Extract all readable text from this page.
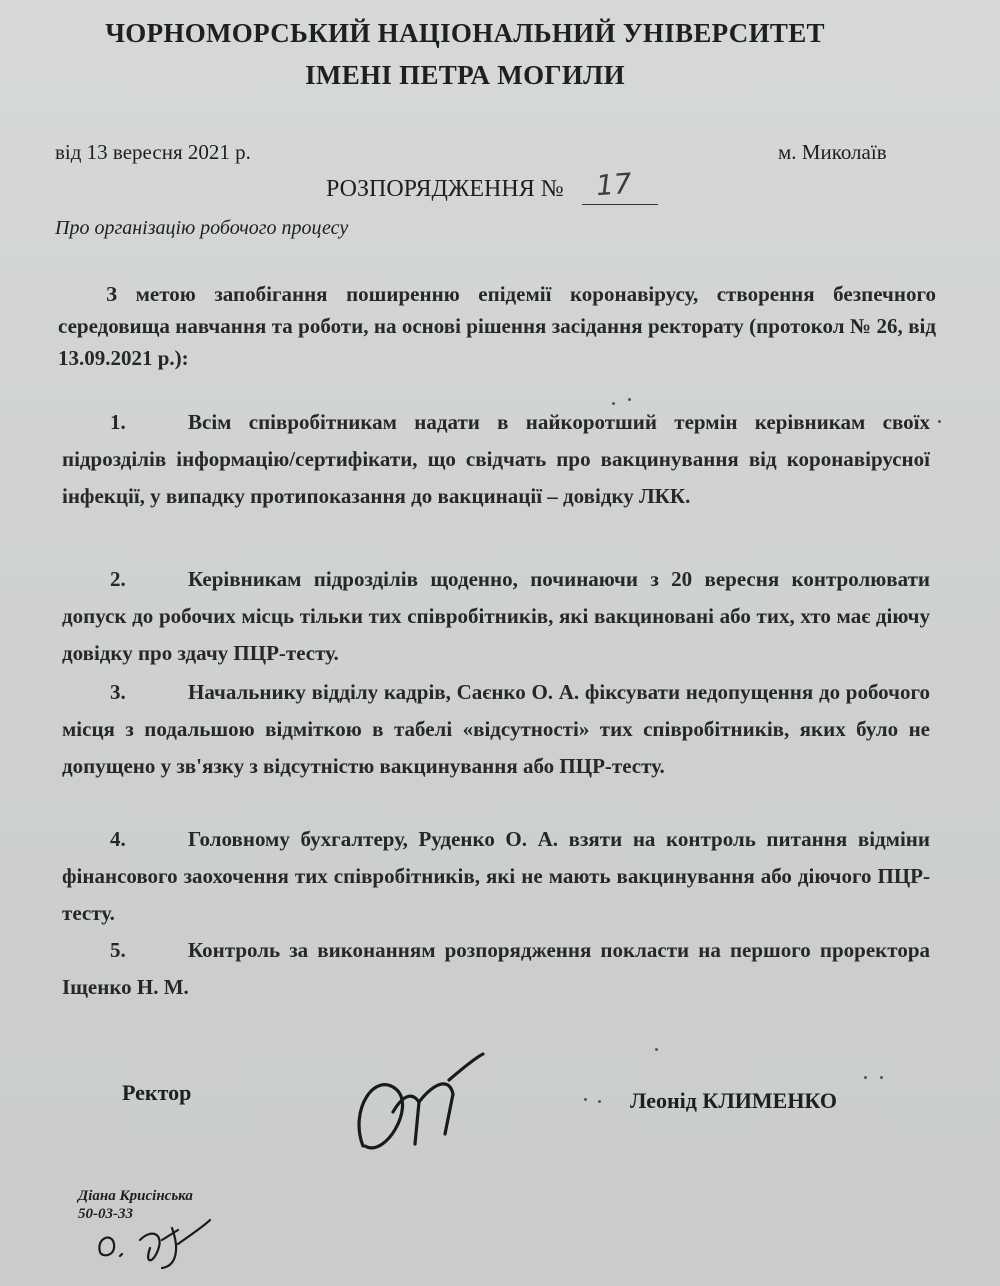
ЧОРНОМОРСЬКИЙ НАЦІОНАЛЬНИЙ УНІВЕРСИТЕТ
ІМЕНІ ПЕТРА МОГИЛИ
від 13 вересня 2021 р.	м. Миколаїв
РОЗПОРЯДЖЕННЯ № 17
Про організацію робочого процесу
З метою запобігання поширенню епідемії коронавірусу, створення безпечного середовища навчання та роботи, на основі рішення засідання ректорату (протокол № 26, від 13.09.2021 р.):
1.	Всім співробітникам надати в найкоротший термін керівникам своїх підрозділів інформацію/сертифікати, що свідчать про вакцинування від коронавірусної інфекції, у випадку протипоказання до вакцинації – довідку ЛКК.
2.	Керівникам підрозділів щоденно, починаючи з 20 вересня контролювати допуск до робочих місць тільки тих співробітників, які вакциновані або тих, хто має діючу довідку про здачу ПЦР-тесту.
3.	Начальнику відділу кадрів, Саєнко О. А. фіксувати недопущення до робочого місця з подальшою відміткою в табелі «відсутності» тих співробітників, яких було не допущено у зв'язку з відсутністю вакцинування або ПЦР-тесту.
4.	Головному бухгалтеру, Руденко О. А. взяти на контроль питання відміни фінансового заохочення тих співробітників, які не мають вакцинування або діючого ПЦР-тесту.
5.	Контроль за виконанням розпорядження покласти на першого проректора Іщенко Н. М.
Ректор	Леонід КЛИМЕНКО
Діана Крисінська
50-03-33
